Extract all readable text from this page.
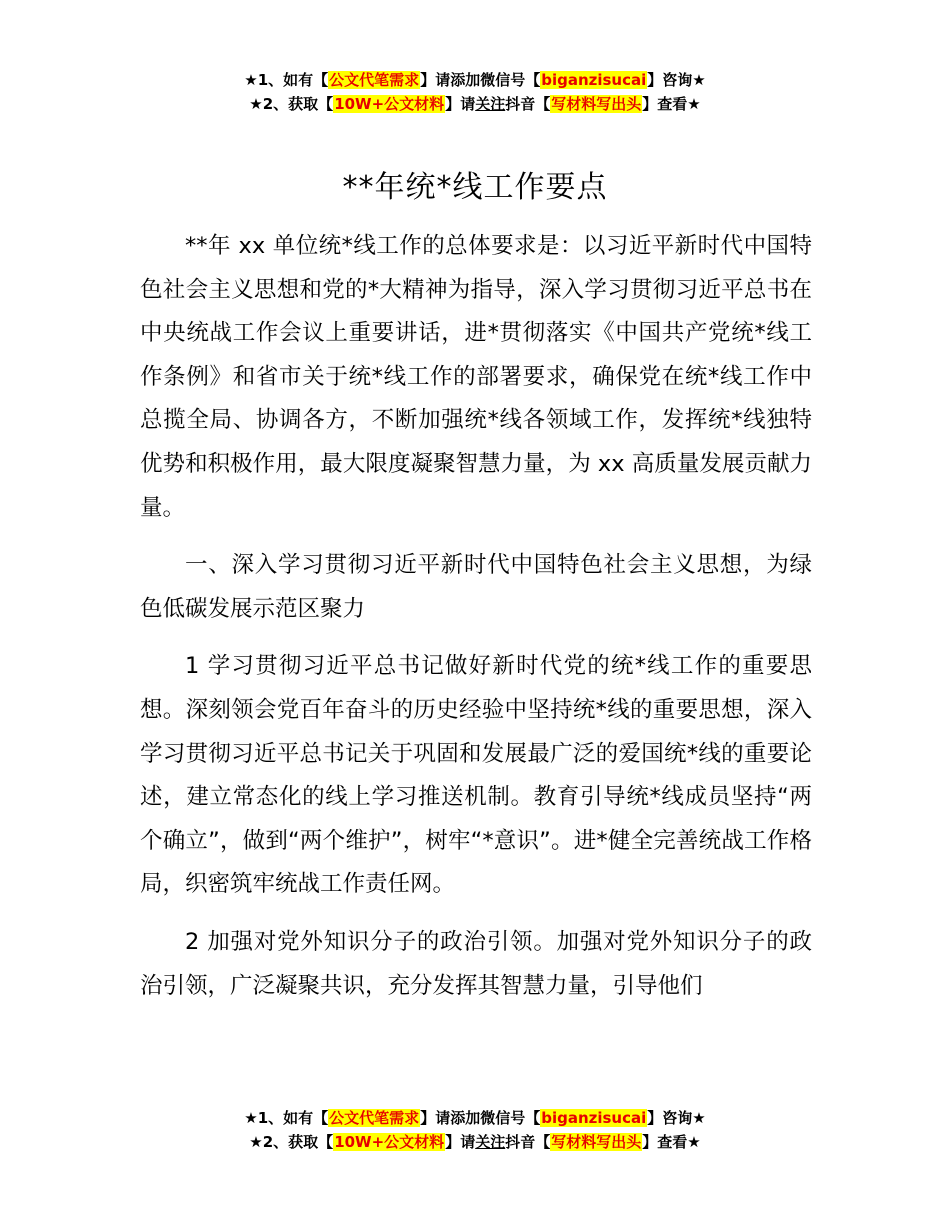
★1、如有【公文代笔需求】请添加微信号【biganzisucai】咨询★
★2、获取【10W+公文材料】请关注抖音【写材料写出头】查看★
**年统*线工作要点

**年 xx 单位统*线工作的总体要求是：以习近平新时代中国特色社会主义思想和党的*大精神为指导，深入学习贯彻习近平总书在中央统战工作会议上重要讲话，进*贯彻落实《中国共产党统*线工作条例》和省市关于统*线工作的部署要求，确保党在统*线工作中总揽全局、协调各方，不断加强统*线各领域工作，发挥统*线独特优势和积极作用，最大限度凝聚智慧力量，为 xx 高质量发展贡献力量。

一、深入学习贯彻习近平新时代中国特色社会主义思想，为绿色低碳发展示范区聚力

1 学习贯彻习近平总书记做好新时代党的统*线工作的重要思想。深刻领会党百年奋斗的历史经验中坚持统*线的重要思想，深入学习贯彻习近平总书记关于巩固和发展最广泛的爱国统*线的重要论述，建立常态化的线上学习推送机制。教育引导统*线成员坚持“两个确立”，做到“两个维护”，树牢“*意识”。进*健全完善统战工作格局，织密筑牢统战工作责任网。

2 加强对党外知识分子的政治引领。加强对党外知识分子的政治引领，广泛凝聚共识，充分发挥其智慧力量，引导他们

★1、如有【公文代笔需求】请添加微信号【biganzisucai】咨询★
★2、获取【10W+公文材料】请关注抖音【写材料写出头】查看★
